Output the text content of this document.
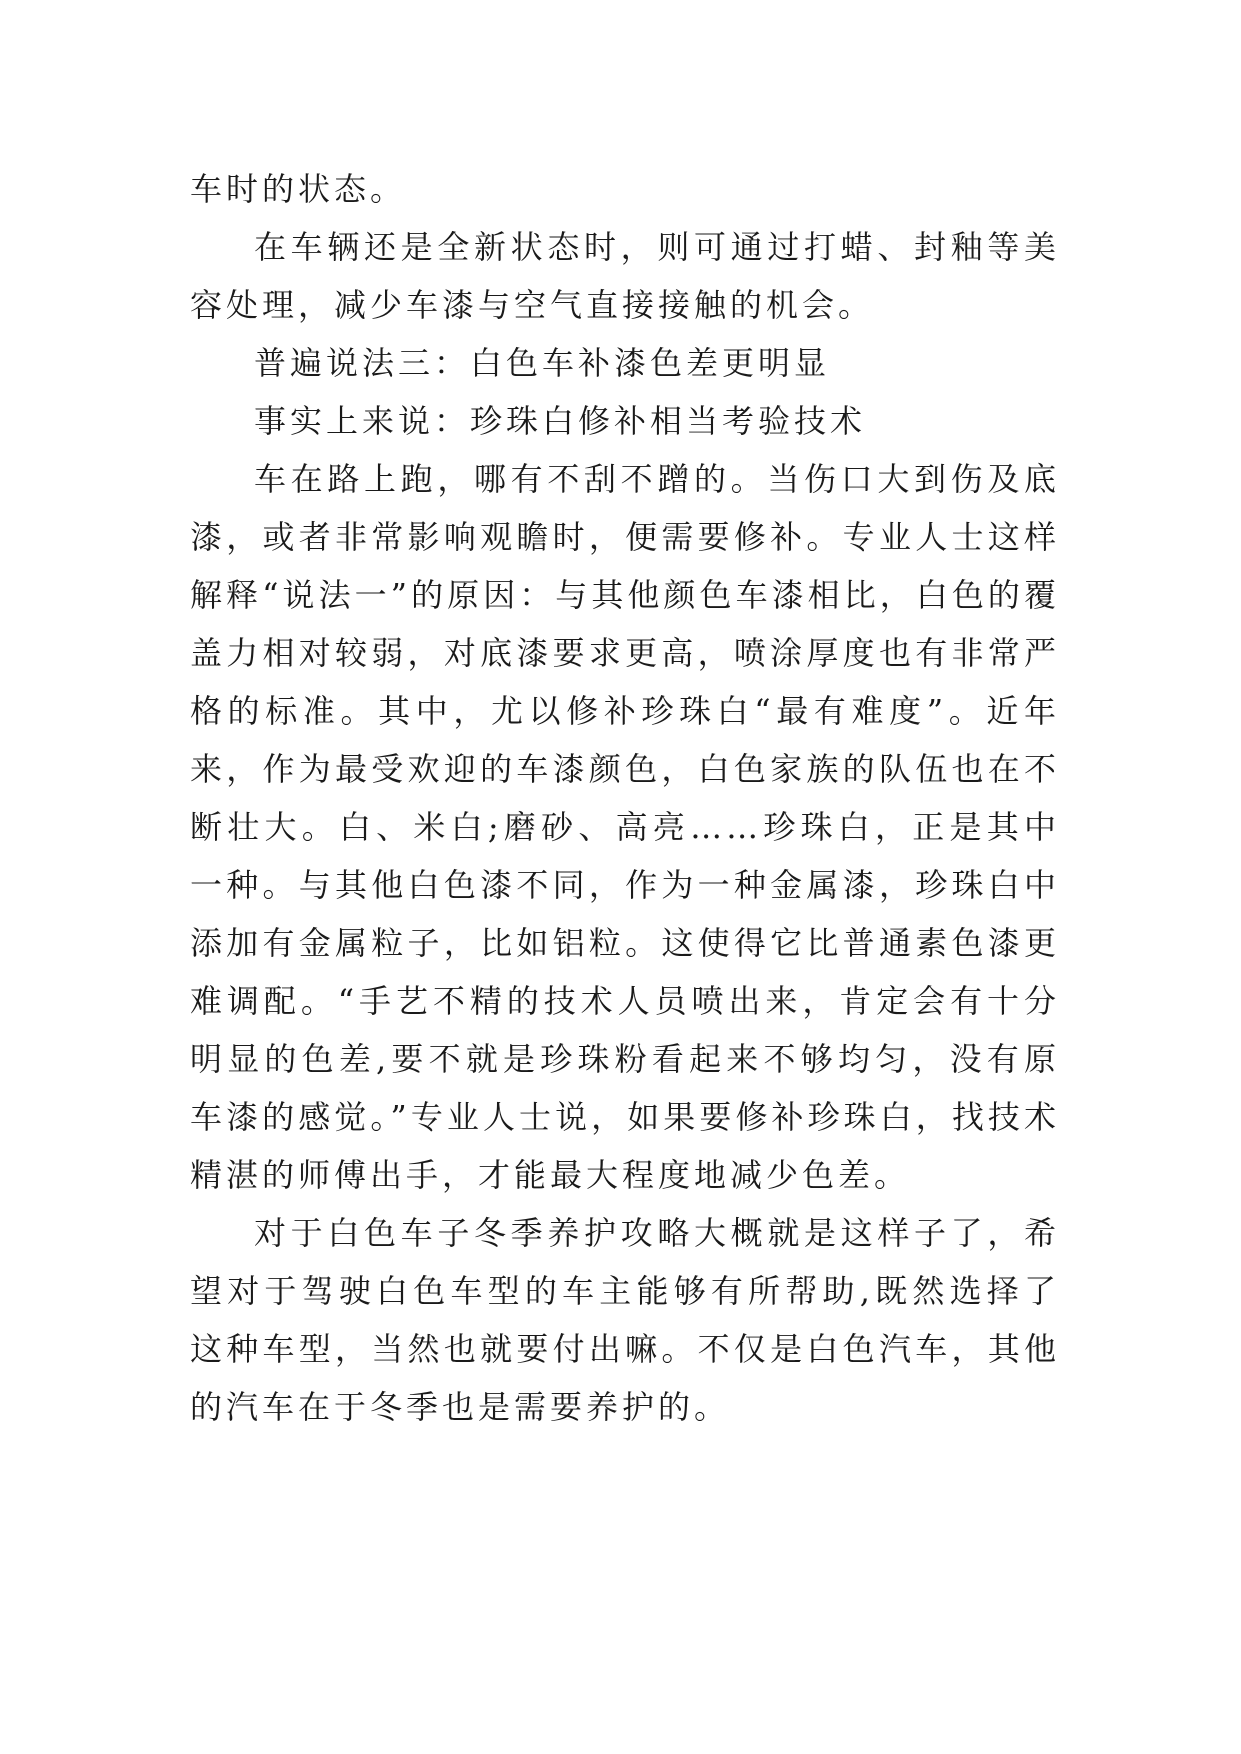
车时的状态。

在车辆还是全新状态时，则可通过打蜡、封釉等美容处理，减少车漆与空气直接接触的机会。

普遍说法三：白色车补漆色差更明显

事实上来说：珍珠白修补相当考验技术

车在路上跑，哪有不刮不蹭的。当伤口大到伤及底漆，或者非常影响观瞻时，便需要修补。专业人士这样解释“说法一”的原因：与其他颜色车漆相比，白色的覆盖力相对较弱，对底漆要求更高，喷涂厚度也有非常严格的标准。其中，尤以修补珍珠白“最有难度”。近年来，作为最受欢迎的车漆颜色，白色家族的队伍也在不断壮大。白、米白;磨砂、高亮……珍珠白，正是其中一种。与其他白色漆不同，作为一种金属漆，珍珠白中添加有金属粒子，比如铝粒。这使得它比普通素色漆更难调配。“手艺不精的技术人员喷出来，肯定会有十分明显的色差,要不就是珍珠粉看起来不够均匀，没有原车漆的感觉。”专业人士说，如果要修补珍珠白，找技术精湛的师傅出手，才能最大程度地减少色差。

对于白色车子冬季养护攻略大概就是这样子了，希望对于驾驶白色车型的车主能够有所帮助,既然选择了这种车型，当然也就要付出嘛。不仅是白色汽车，其他的汽车在于冬季也是需要养护的。
